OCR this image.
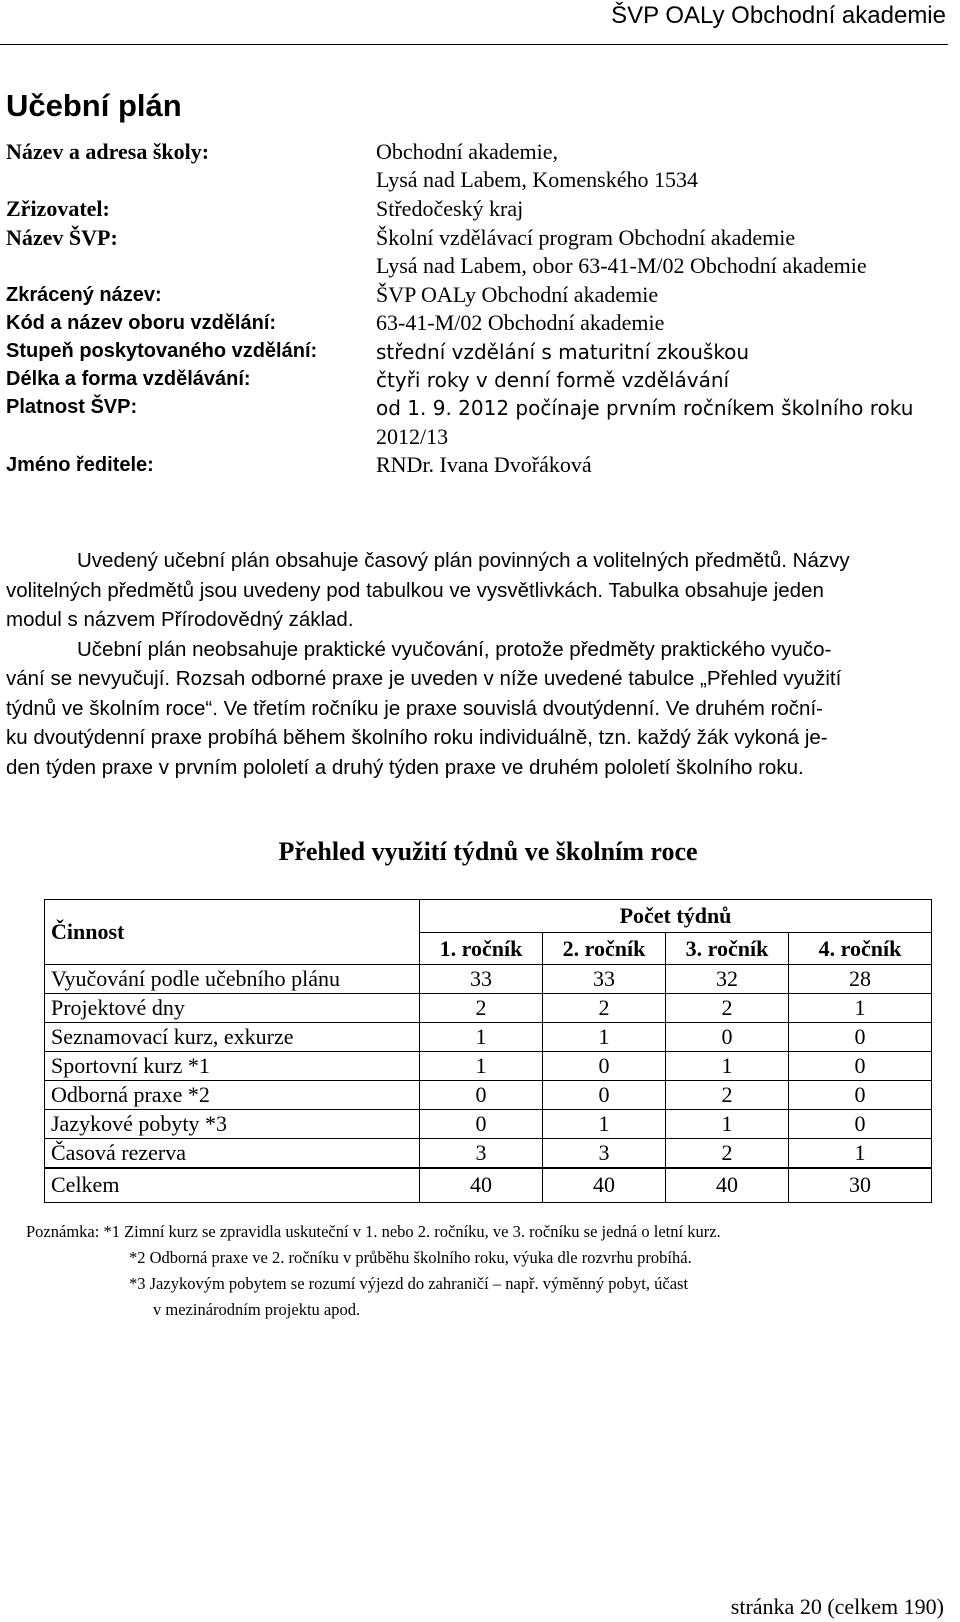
ŠVP OALy Obchodní akademie
Učební plán
Název a adresa školy:	Obchodní akademie,
Lysá nad Labem, Komenského 1534
Zřizovatel:	Středočeský kraj
Název ŠVP:	Školní vzdělávací program Obchodní akademie
Lysá nad Labem, obor 63-41-M/02 Obchodní akademie
Zkrácený název:	ŠVP OALy Obchodní akademie
Kód a název oboru vzdělání:	63-41-M/02 Obchodní akademie
Stupeň poskytovaného vzdělání:	střední vzdělání s maturitní zkouškou
Délka a forma vzdělávání:	čtyři roky v denní formě vzdělávání
Platnost ŠVP:	od 1. 9. 2012 počínaje prvním ročníkem školního roku
2012/13
Jméno ředitele:	RNDr. Ivana Dvořáková
Uvedený učební plán obsahuje časový plán povinných a volitelných předmětů. Názvy
volitelných předmětů jsou uvedeny pod tabulkou ve vysvětlivkách. Tabulka obsahuje jeden
modul s názvem Přírodovědný základ.
Učební plán neobsahuje praktické vyučování, protože předměty praktického vyučo-
vání se nevyučují. Rozsah odborné praxe je uveden v níže uvedené tabulce „Přehled využití
týdnů ve školním roce“. Ve třetím ročníku je praxe souvislá dvoutýdenní. Ve druhém roční-
ku dvoutýdenní praxe probíhá během školního roku individuálně, tzn. každý žák vykoná je-
den týden praxe v prvním pololetí a druhý týden praxe ve druhém pololetí školního roku.
Přehled využití týdnů ve školním roce
Činnost	Počet týdnů			
	1. ročník	2. ročník	3. ročník	4. ročník
Vyučování podle učebního plánu	33	33	32	28
Projektové dny	2	2	2	1
Seznamovací kurz, exkurze	1	1	0	0
Sportovní kurz *1	1	0	1	0
Odborná praxe *2	0	0	2	0
Jazykové pobyty *3	0	1	1	0
Časová rezerva	3	3	2	1
Celkem	40	40	40	30
Poznámka: *1 Zimní kurz se zpravidla uskuteční v 1. nebo 2. ročníku, ve 3. ročníku se jedná o letní kurz.
*2 Odborná praxe ve 2. ročníku v průběhu školního roku, výuka dle rozvrhu probíhá.
*3 Jazykovým pobytem se rozumí výjezd do zahraničí – např. výměnný pobyt, účast
v mezinárodním projektu apod.
stránka 20 (celkem 190)
